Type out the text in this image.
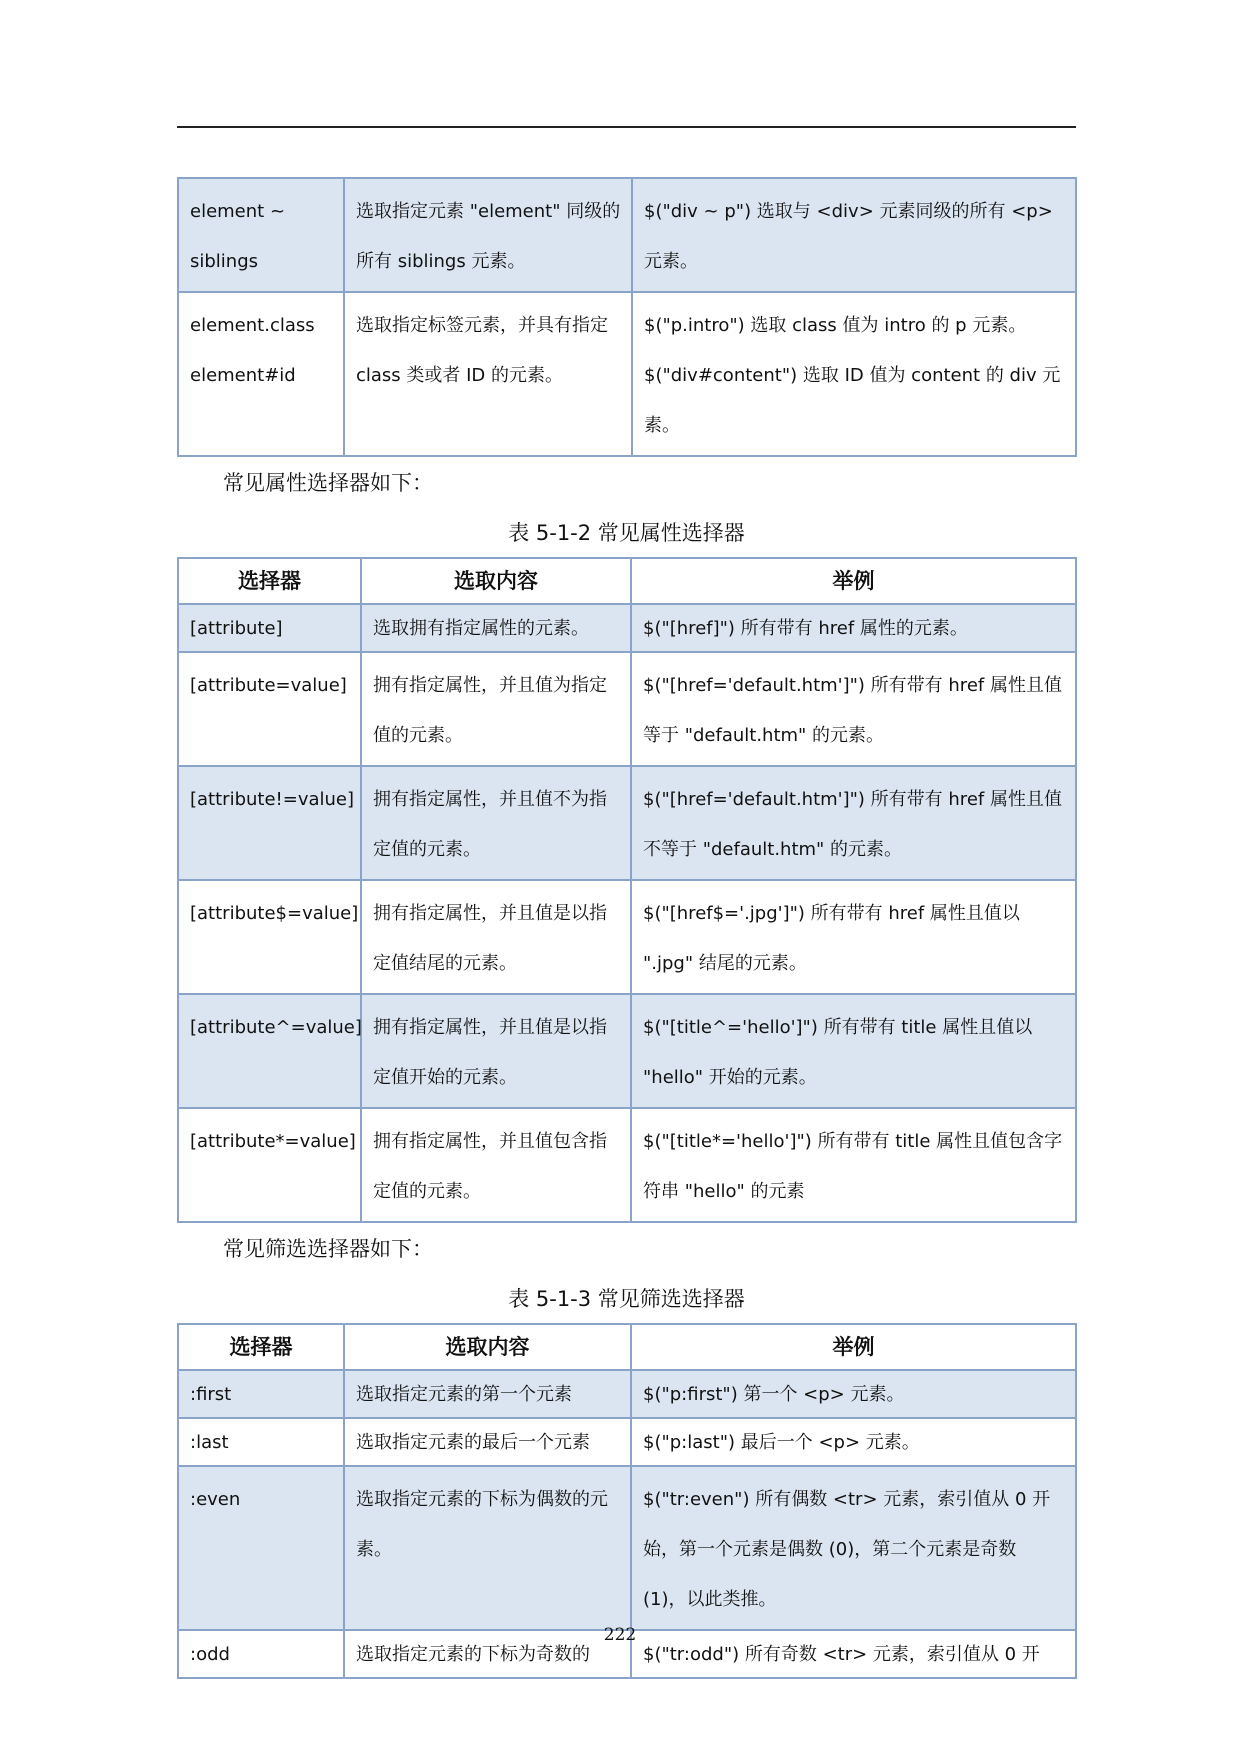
element ~ siblings	选取指定元素 "element" 同级的所有 siblings 元素。	$("div ~ p") 选取与 <div> 元素同级的所有 <p> 元素。
element.class element#id	选取指定标签元素，并具有指定 class 类或者 ID 的元素。	$("p.intro") 选取 class 值为 intro 的 p 元素。 $("div#content") 选取 ID 值为 content 的 div 元素。
常见属性选择器如下：
表 5-1-2 常见属性选择器
选择器	选取内容	举例
[attribute]	选取拥有指定属性的元素。	$("[href]") 所有带有 href 属性的元素。
[attribute=value]	拥有指定属性，并且值为指定值的元素。	$("[href='default.htm']") 所有带有 href 属性且值等于 "default.htm" 的元素。
[attribute!=value]	拥有指定属性，并且值不为指定值的元素。	$("[href='default.htm']") 所有带有 href 属性且值不等于 "default.htm" 的元素。
[attribute$=value]	拥有指定属性，并且值是以指定值结尾的元素。	$("[href$='.jpg']") 所有带有 href 属性且值以 ".jpg" 结尾的元素。
[attribute^=value]	拥有指定属性，并且值是以指定值开始的元素。	$("[title^='hello']") 所有带有 title 属性且值以 "hello" 开始的元素。
[attribute*=value]	拥有指定属性，并且值包含指定值的元素。	$("[title*='hello']") 所有带有 title 属性且值包含字符串 "hello" 的元素
常见筛选选择器如下：
表 5-1-3 常见筛选选择器
选择器	选取内容	举例
:first	选取指定元素的第一个元素	$("p:first") 第一个 <p> 元素。
:last	选取指定元素的最后一个元素	$("p:last") 最后一个 <p> 元素。
:even	选取指定元素的下标为偶数的元素。	$("tr:even") 所有偶数 <tr> 元素，索引值从 0 开始，第一个元素是偶数 (0)，第二个元素是奇数 (1)，以此类推。
:odd	选取指定元素的下标为奇数的	$("tr:odd") 所有奇数 <tr> 元素，索引值从 0 开
222
